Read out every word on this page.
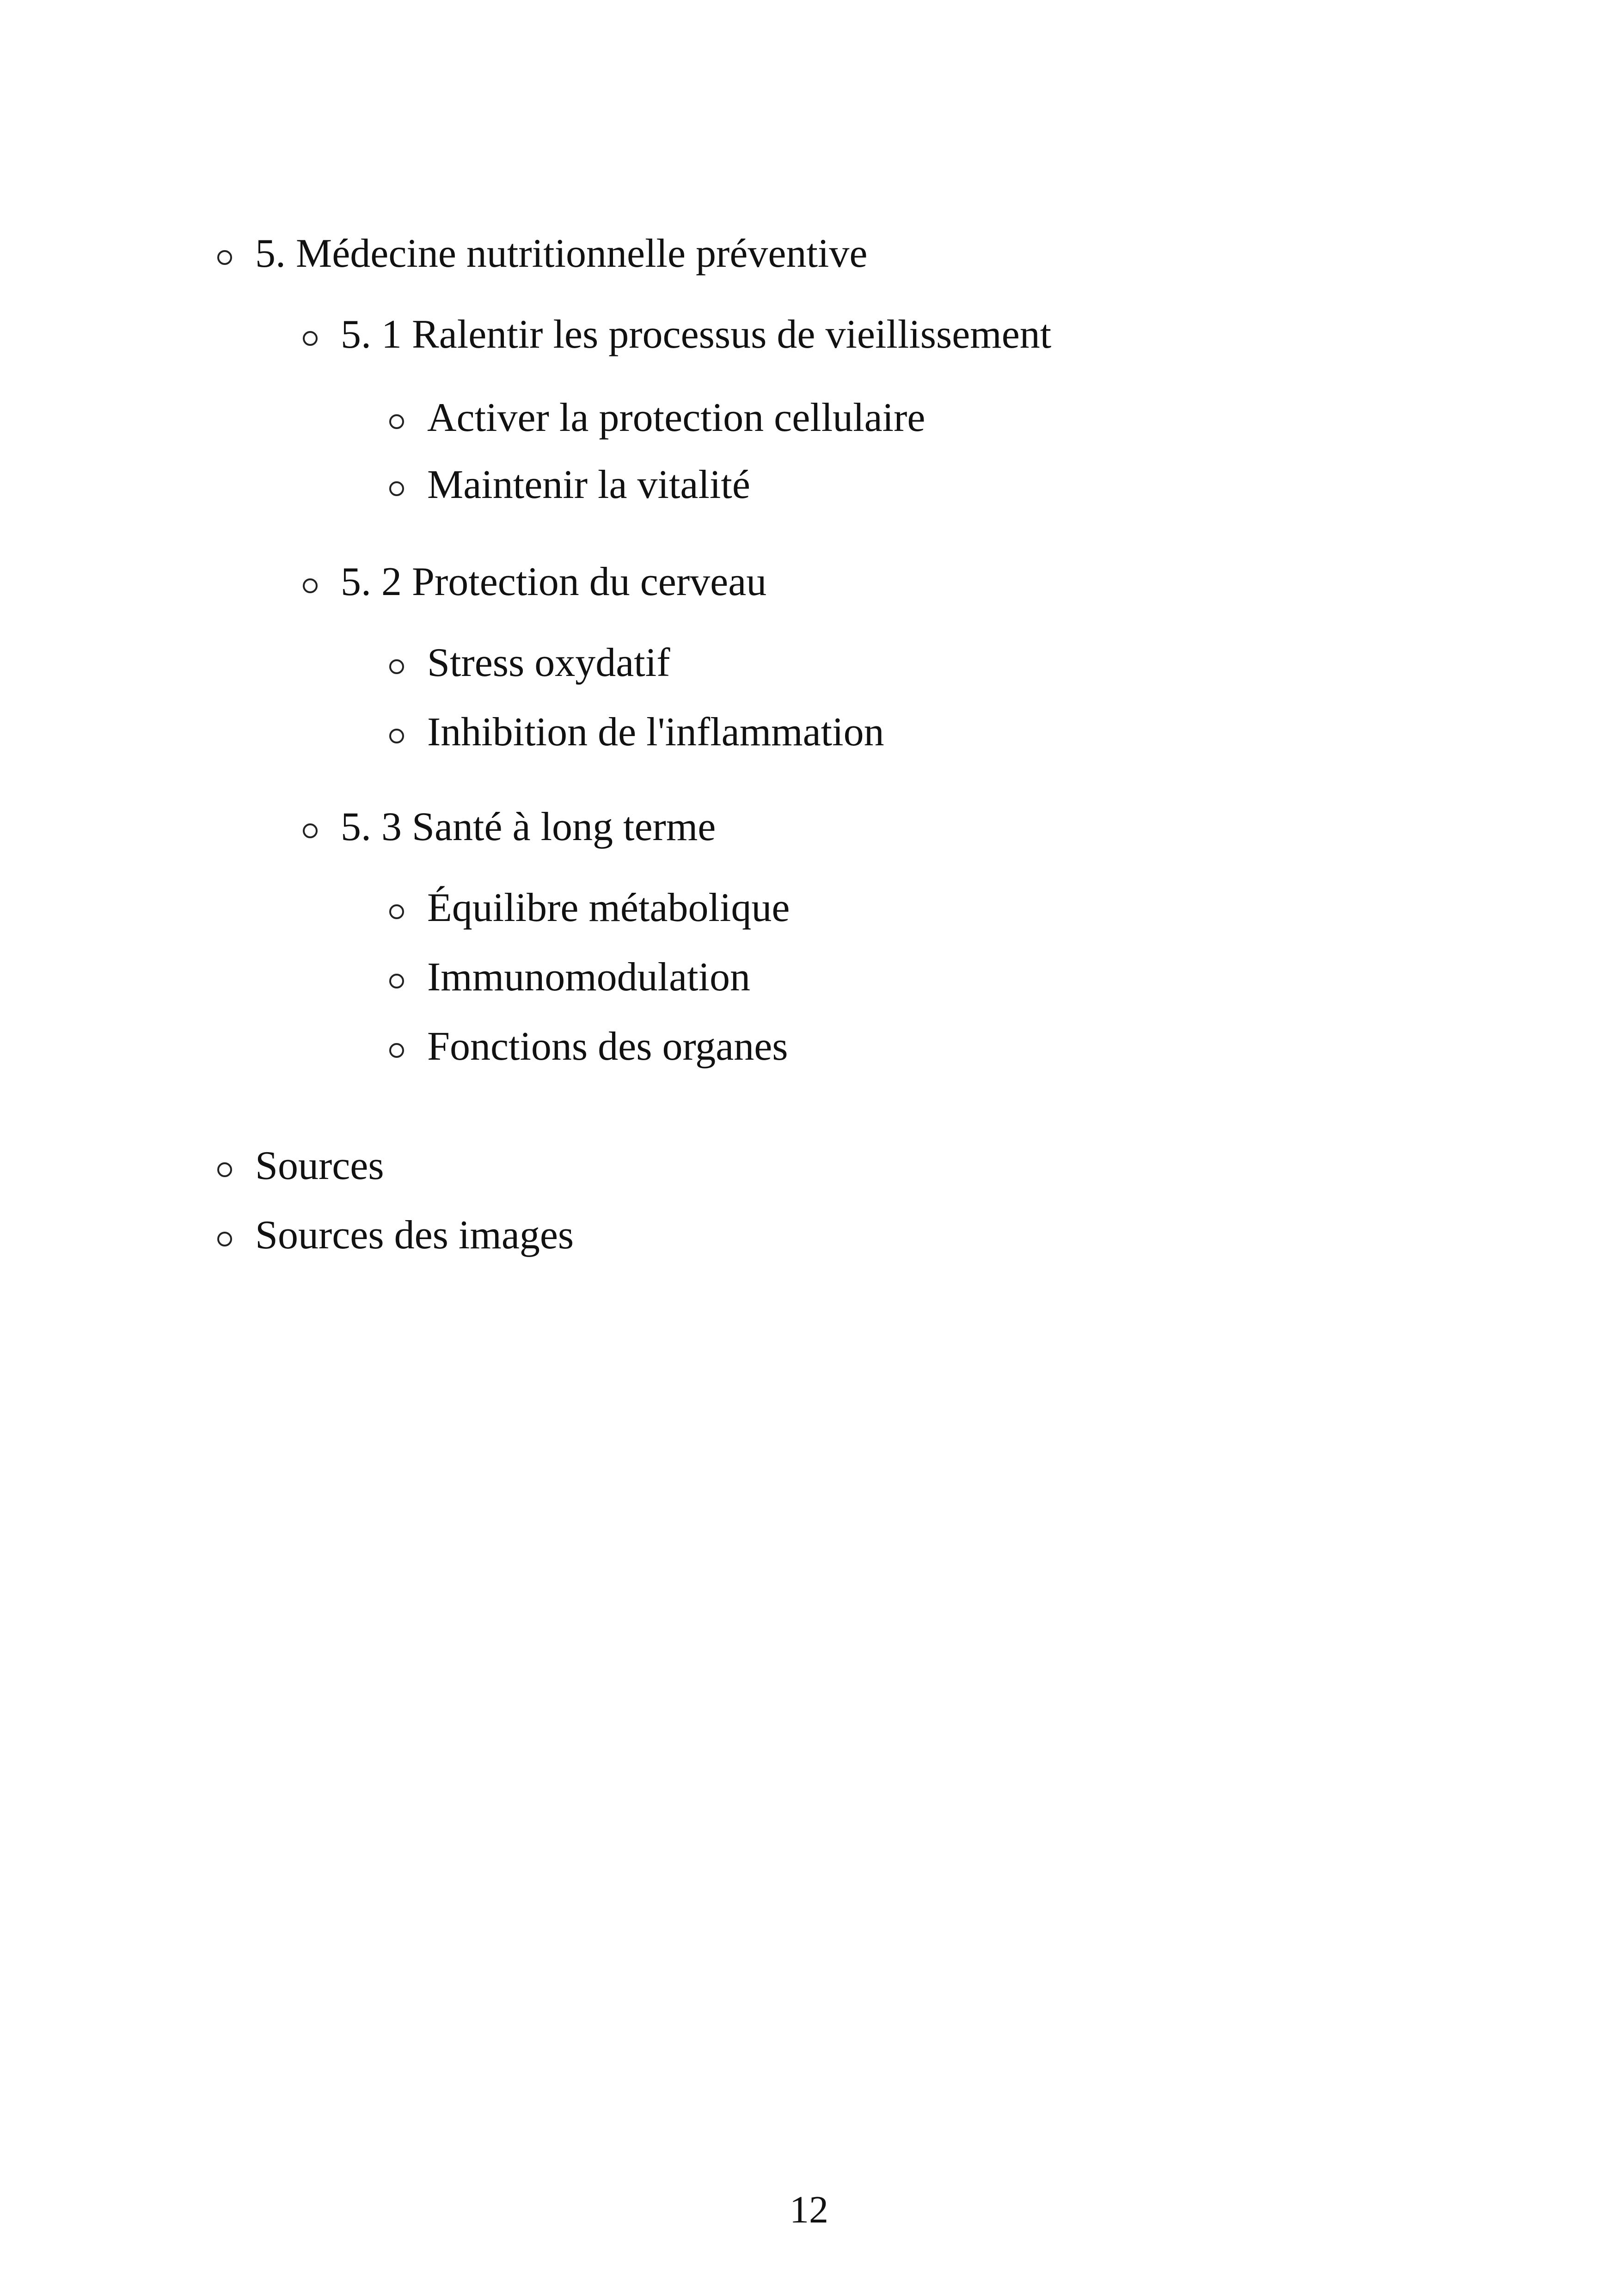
5. Médecine nutritionnelle préventive
5. 1 Ralentir les processus de vieillissement
Activer la protection cellulaire
Maintenir la vitalité
5. 2 Protection du cerveau
Stress oxydatif
Inhibition de l'inflammation
5. 3 Santé à long terme
Équilibre métabolique
Immunomodulation
Fonctions des organes
Sources
Sources des images
12
